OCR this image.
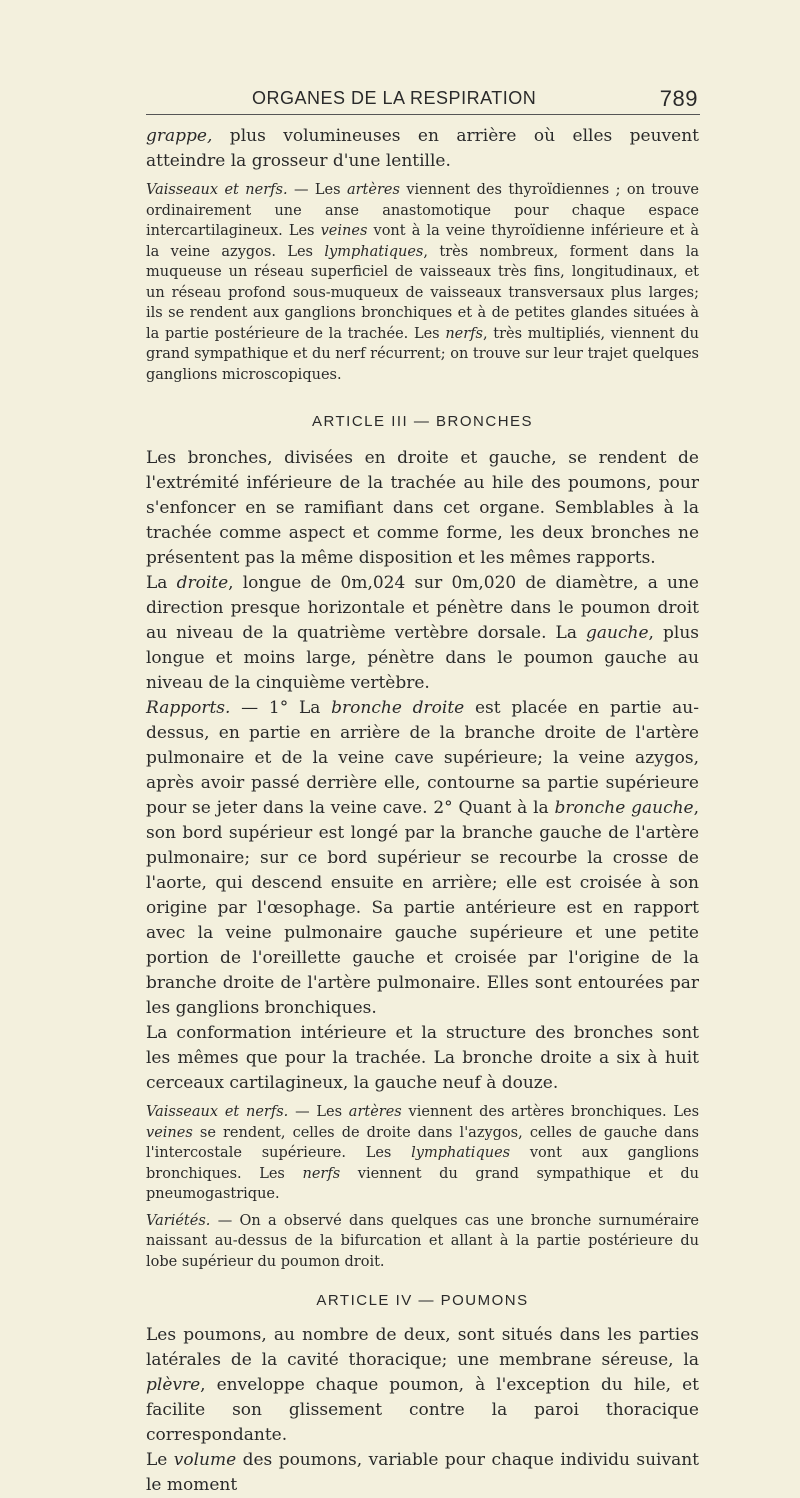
ORGANES DE LA RESPIRATION	789

grappe, plus volumineuses en arrière où elles peuvent atteindre la grosseur d'une lentille.

Vaisseaux et nerfs. — Les artères viennent des thyroïdiennes ; on trouve ordinairement une anse anastomotique pour chaque espace intercartilagineux. Les veines vont à la veine thyroïdienne inférieure et à la veine azygos. Les lymphatiques, très nombreux, forment dans la muqueuse un réseau superficiel de vaisseaux très fins, longitudinaux, et un réseau profond sous-muqueux de vaisseaux transversaux plus larges; ils se rendent aux ganglions bronchiques et à de petites glandes situées à la partie postérieure de la trachée. Les nerfs, très multipliés, viennent du grand sympathique et du nerf récurrent; on trouve sur leur trajet quelques ganglions microscopiques.

ARTICLE III — BRONCHES

Les bronches, divisées en droite et gauche, se rendent de l'extrémité inférieure de la trachée au hile des poumons, pour s'enfoncer en se ramifiant dans cet organe. Semblables à la trachée comme aspect et comme forme, les deux bronches ne présentent pas la même disposition et les mêmes rapports.

La droite, longue de 0m,024 sur 0m,020 de diamètre, a une direction presque horizontale et pénètre dans le poumon droit au niveau de la quatrième vertèbre dorsale. La gauche, plus longue et moins large, pénètre dans le poumon gauche au niveau de la cinquième vertèbre.

Rapports. — 1° La bronche droite est placée en partie au-dessus, en partie en arrière de la branche droite de l'artère pulmonaire et de la veine cave supérieure; la veine azygos, après avoir passé derrière elle, contourne sa partie supérieure pour se jeter dans la veine cave. 2° Quant à la bronche gauche, son bord supérieur est longé par la branche gauche de l'artère pulmonaire; sur ce bord supérieur se recourbe la crosse de l'aorte, qui descend ensuite en arrière; elle est croisée à son origine par l'œsophage. Sa partie antérieure est en rapport avec la veine pulmonaire gauche supérieure et une petite portion de l'oreillette gauche et croisée par l'origine de la branche droite de l'artère pulmonaire. Elles sont entourées par les ganglions bronchiques.

La conformation intérieure et la structure des bronches sont les mêmes que pour la trachée. La bronche droite a six à huit cerceaux cartilagineux, la gauche neuf à douze.

Vaisseaux et nerfs. — Les artères viennent des artères bronchiques. Les veines se rendent, celles de droite dans l'azygos, celles de gauche dans l'intercostale supérieure. Les lymphatiques vont aux ganglions bronchiques. Les nerfs viennent du grand sympathique et du pneumogastrique.

Variétés. — On a observé dans quelques cas une bronche surnuméraire naissant au-dessus de la bifurcation et allant à la partie postérieure du lobe supérieur du poumon droit.

ARTICLE IV — POUMONS

Les poumons, au nombre de deux, sont situés dans les parties latérales de la cavité thoracique; une membrane séreuse, la plèvre, enveloppe chaque poumon, à l'exception du hile, et facilite son glissement contre la paroi thoracique correspondante.

Le volume des poumons, variable pour chaque individu suivant le moment
